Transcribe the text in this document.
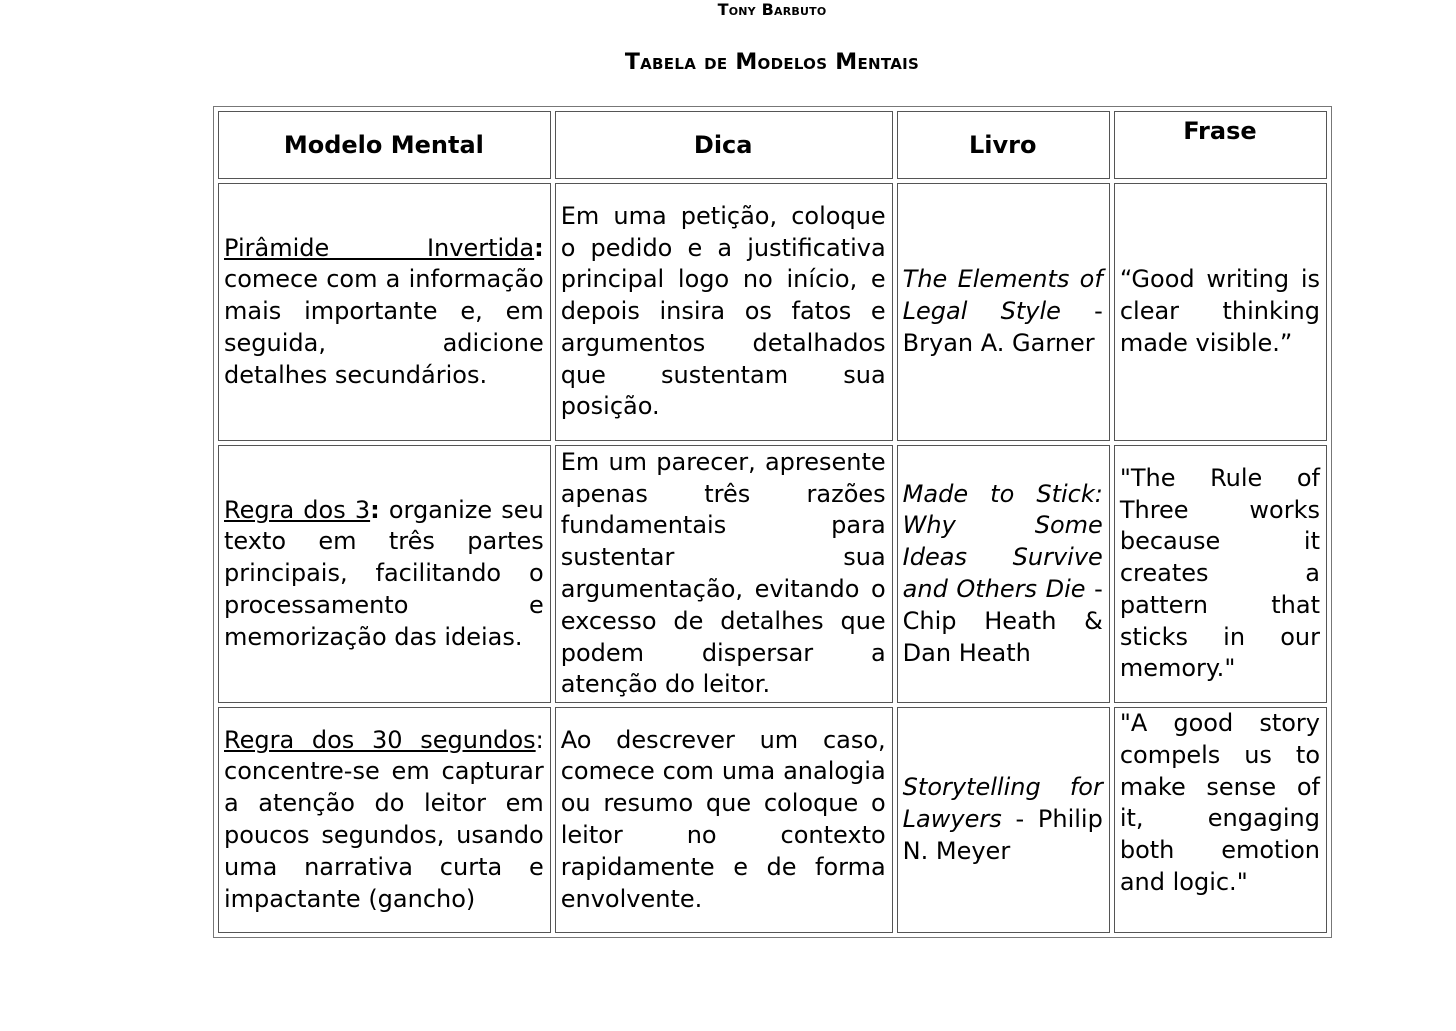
Tony Barbuto
Tabela de Modelos Mentais
Modelo Mental	Dica	Livro	Frase
Pirâmide Invertida: comece com a informação mais importante e, em seguida, adicione detalhes secundários.	Em uma petição, coloque o pedido e a justificativa principal logo no início, e depois insira os fatos e argumentos detalhados que sustentam sua posição.	The Elements of Legal Style - Bryan A. Garner	“Good writing is clear thinking made visible.”
Regra dos 3: organize seu texto em três partes principais, facilitando o processamento e memorização das ideias.	Em um parecer, apresente apenas três razões fundamentais para sustentar sua argumentação, evitando o excesso de detalhes que podem dispersar a atenção do leitor.	Made to Stick: Why Some Ideas Survive and Others Die - Chip Heath & Dan Heath	"The Rule of Three works because it creates a pattern that sticks in our memory."
Regra dos 30 segundos: concentre-se em capturar a atenção do leitor em poucos segundos, usando uma narrativa curta e impactante (gancho)	Ao descrever um caso, comece com uma analogia ou resumo que coloque o leitor no contexto rapidamente e de forma envolvente.	Storytelling for Lawyers - Philip N. Meyer	"A good story compels us to make sense of it, engaging both emotion and logic."
